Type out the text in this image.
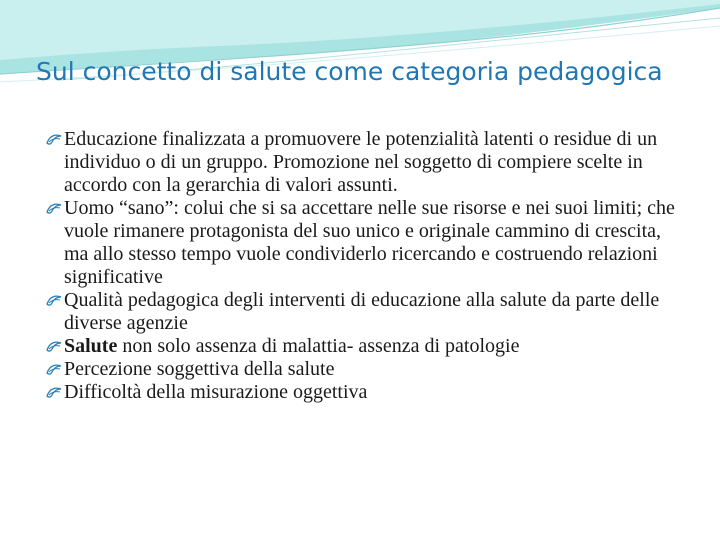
Sul concetto di salute come categoria pedagogica
Educazione finalizzata a promuovere le potenzialità latenti o residue di un individuo o di un gruppo. Promozione nel soggetto di compiere scelte in accordo con la gerarchia di valori assunti.
Uomo “sano”: colui che si sa accettare nelle sue risorse e nei suoi limiti; che vuole rimanere protagonista del suo unico e originale cammino di crescita, ma allo stesso tempo vuole condividerlo ricercando e costruendo relazioni significative
Qualità pedagogica degli interventi di educazione alla salute da parte delle diverse agenzie
Salute non solo assenza di malattia- assenza di patologie
Percezione soggettiva della salute
Difficoltà della misurazione oggettiva
